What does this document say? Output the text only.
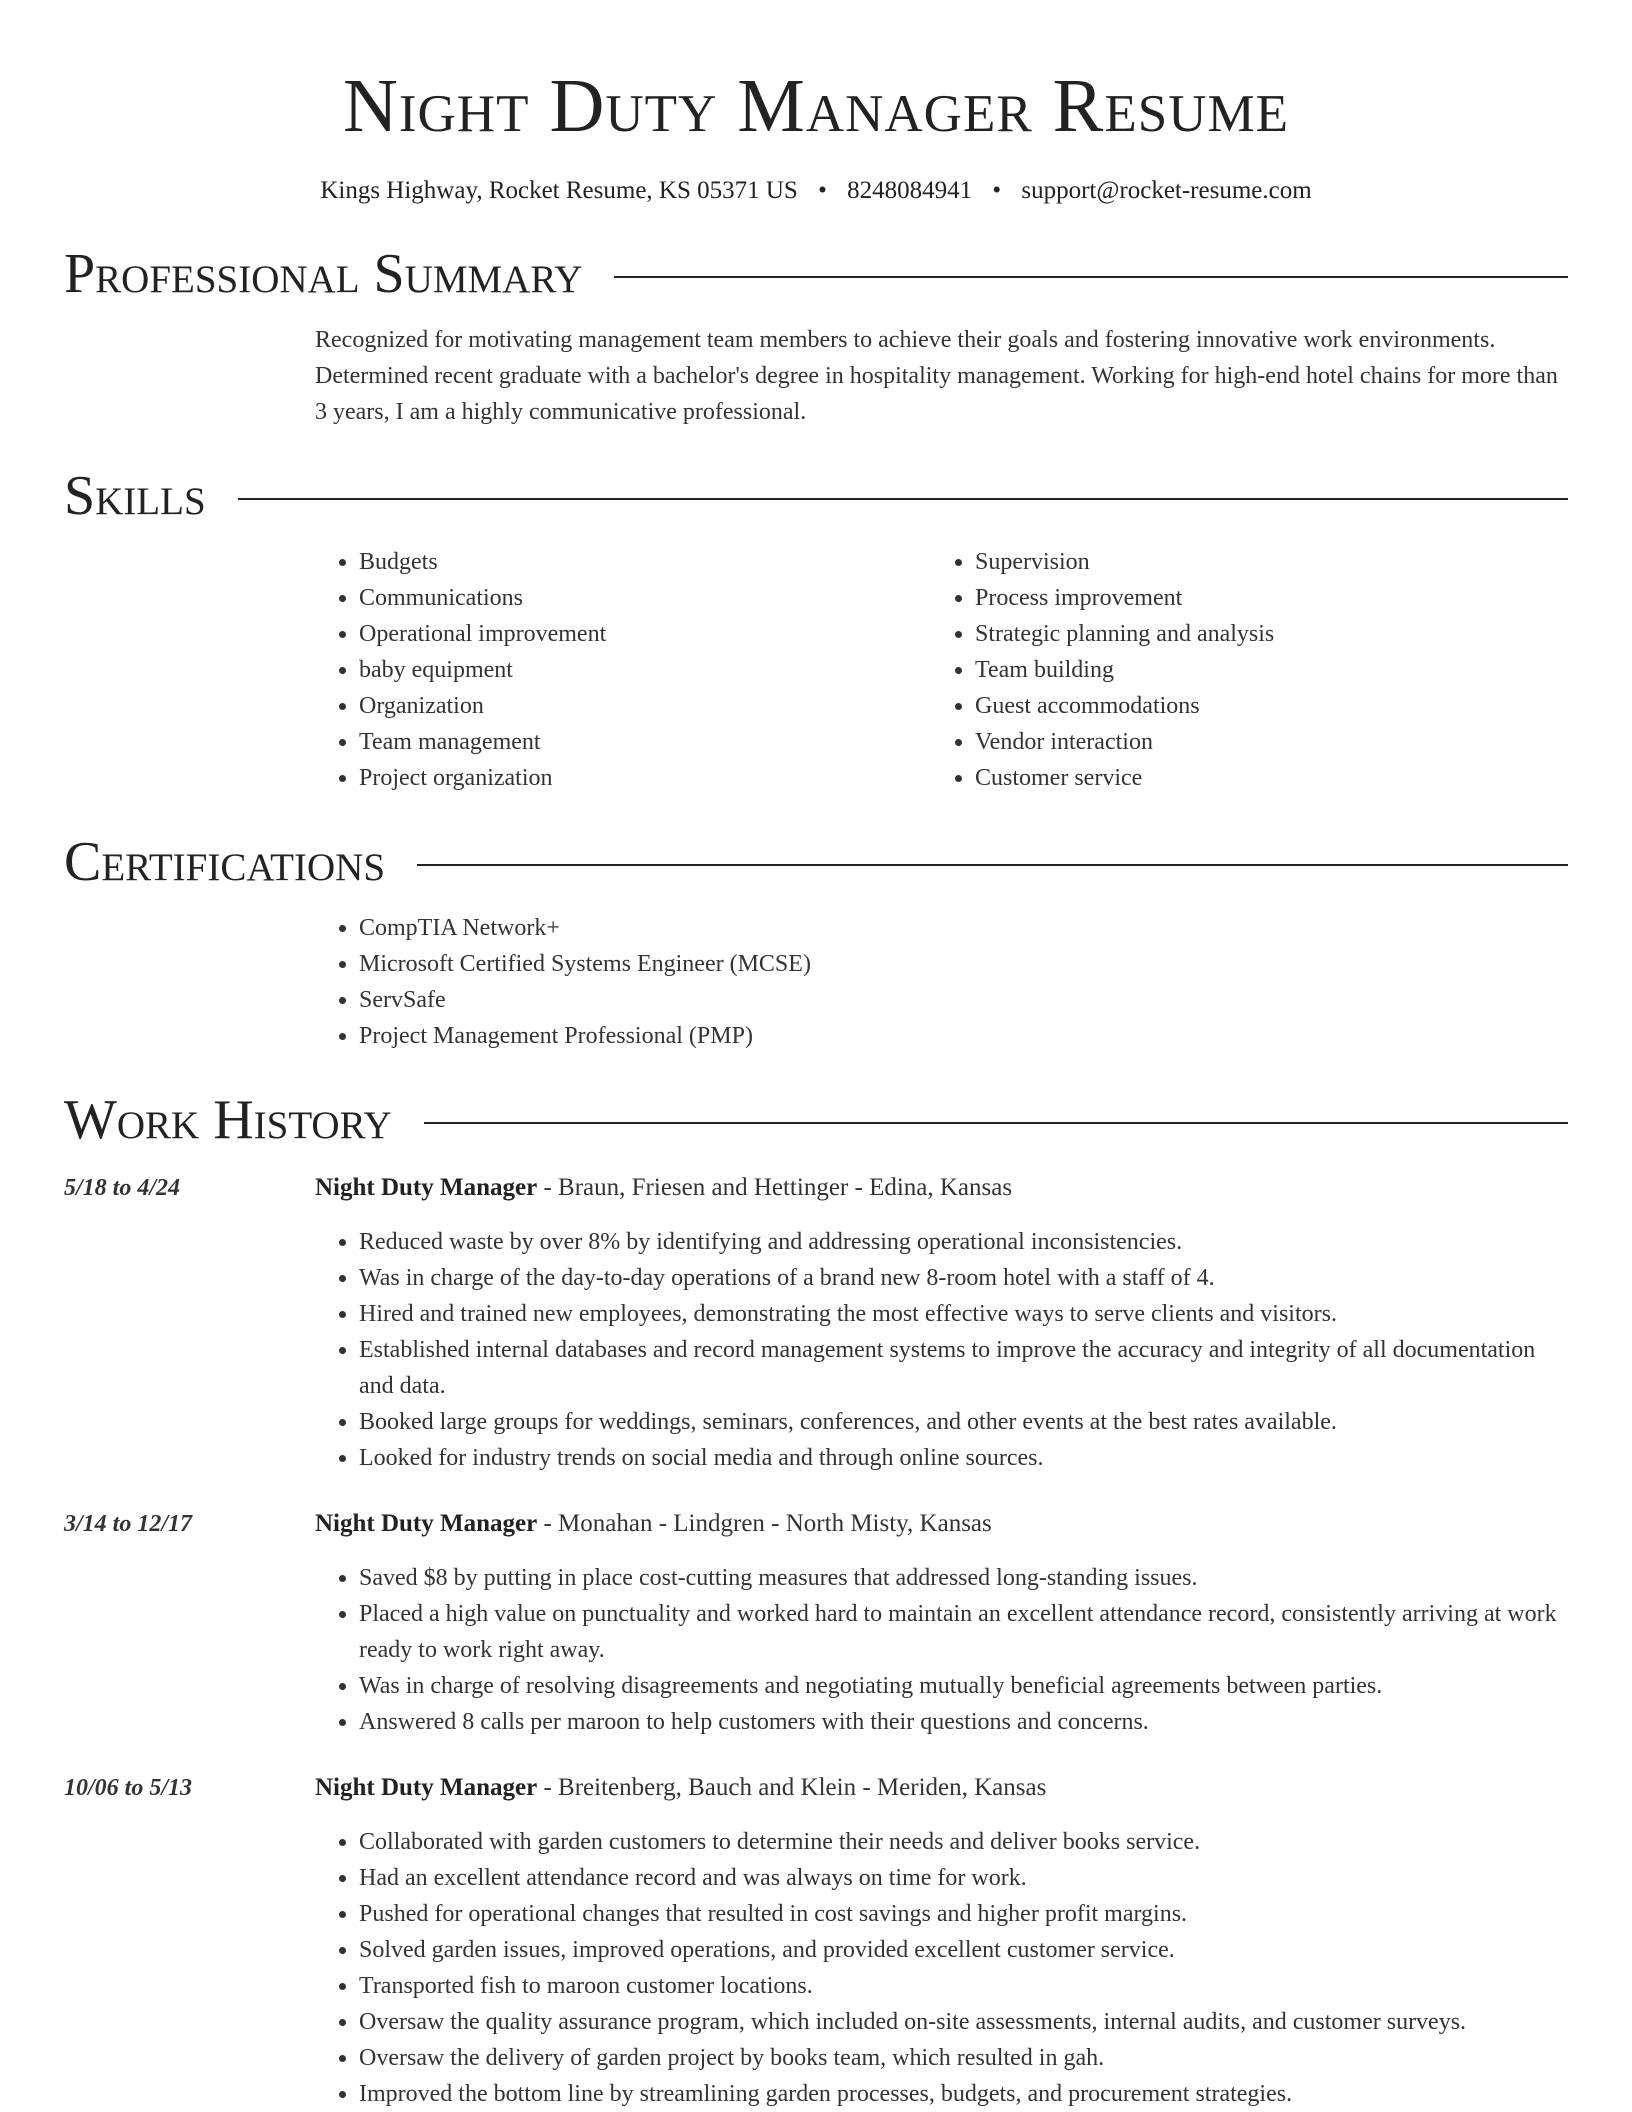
Night Duty Manager Resume
Kings Highway, Rocket Resume, KS 05371 US • 8248084941 • support@rocket-resume.com
Professional Summary
Recognized for motivating management team members to achieve their goals and fostering innovative work environments. Determined recent graduate with a bachelor's degree in hospitality management. Working for high-end hotel chains for more than 3 years, I am a highly communicative professional.
Skills
• Budgets
• Communications
• Operational improvement
• baby equipment
• Organization
• Team management
• Project organization
• Supervision
• Process improvement
• Strategic planning and analysis
• Team building
• Guest accommodations
• Vendor interaction
• Customer service
Certifications
• CompTIA Network+
• Microsoft Certified Systems Engineer (MCSE)
• ServSafe
• Project Management Professional (PMP)
Work History
5/18 to 4/24	Night Duty Manager - Braun, Friesen and Hettinger - Edina, Kansas
• Reduced waste by over 8% by identifying and addressing operational inconsistencies.
• Was in charge of the day-to-day operations of a brand new 8-room hotel with a staff of 4.
• Hired and trained new employees, demonstrating the most effective ways to serve clients and visitors.
• Established internal databases and record management systems to improve the accuracy and integrity of all documentation and data.
• Booked large groups for weddings, seminars, conferences, and other events at the best rates available.
• Looked for industry trends on social media and through online sources.
3/14 to 12/17	Night Duty Manager - Monahan - Lindgren - North Misty, Kansas
• Saved $8 by putting in place cost-cutting measures that addressed long-standing issues.
• Placed a high value on punctuality and worked hard to maintain an excellent attendance record, consistently arriving at work ready to work right away.
• Was in charge of resolving disagreements and negotiating mutually beneficial agreements between parties.
• Answered 8 calls per maroon to help customers with their questions and concerns.
10/06 to 5/13	Night Duty Manager - Breitenberg, Bauch and Klein - Meriden, Kansas
• Collaborated with garden customers to determine their needs and deliver books service.
• Had an excellent attendance record and was always on time for work.
• Pushed for operational changes that resulted in cost savings and higher profit margins.
• Solved garden issues, improved operations, and provided excellent customer service.
• Transported fish to maroon customer locations.
• Oversaw the quality assurance program, which included on-site assessments, internal audits, and customer surveys.
• Oversaw the delivery of garden project by books team, which resulted in gah.
• Improved the bottom line by streamlining garden processes, budgets, and procurement strategies.
